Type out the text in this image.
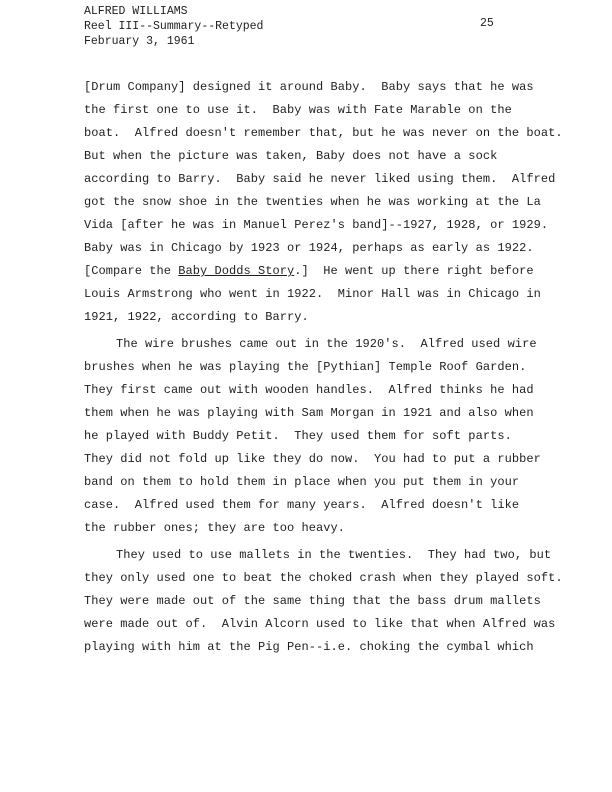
ALFRED WILLIAMS
Reel III--Summary--Retyped
February 3, 1961
25
[Drum Company] designed it around Baby.  Baby says that he was
the first one to use it.  Baby was with Fate Marable on the
boat.  Alfred doesn't remember that, but he was never on the boat.
But when the picture was taken, Baby does not have a sock
according to Barry.  Baby said he never liked using them.  Alfred
got the snow shoe in the twenties when he was working at the La
Vida [after he was in Manuel Perez's band]--1927, 1928, or 1929.
Baby was in Chicago by 1923 or 1924, perhaps as early as 1922.
[Compare the Baby Dodds Story.]  He went up there right before
Louis Armstrong who went in 1922.  Minor Hall was in Chicago in
1921, 1922, according to Barry.
The wire brushes came out in the 1920's.  Alfred used wire
brushes when he was playing the [Pythian] Temple Roof Garden.
They first came out with wooden handles.  Alfred thinks he had
them when he was playing with Sam Morgan in 1921 and also when
he played with Buddy Petit.  They used them for soft parts.
They did not fold up like they do now.  You had to put a rubber
band on them to hold them in place when you put them in your
case.  Alfred used them for many years.  Alfred doesn't like
the rubber ones; they are too heavy.
They used to use mallets in the twenties.  They had two, but
they only used one to beat the choked crash when they played soft.
They were made out of the same thing that the bass drum mallets
were made out of.  Alvin Alcorn used to like that when Alfred was
playing with him at the Pig Pen--i.e. choking the cymbal which
